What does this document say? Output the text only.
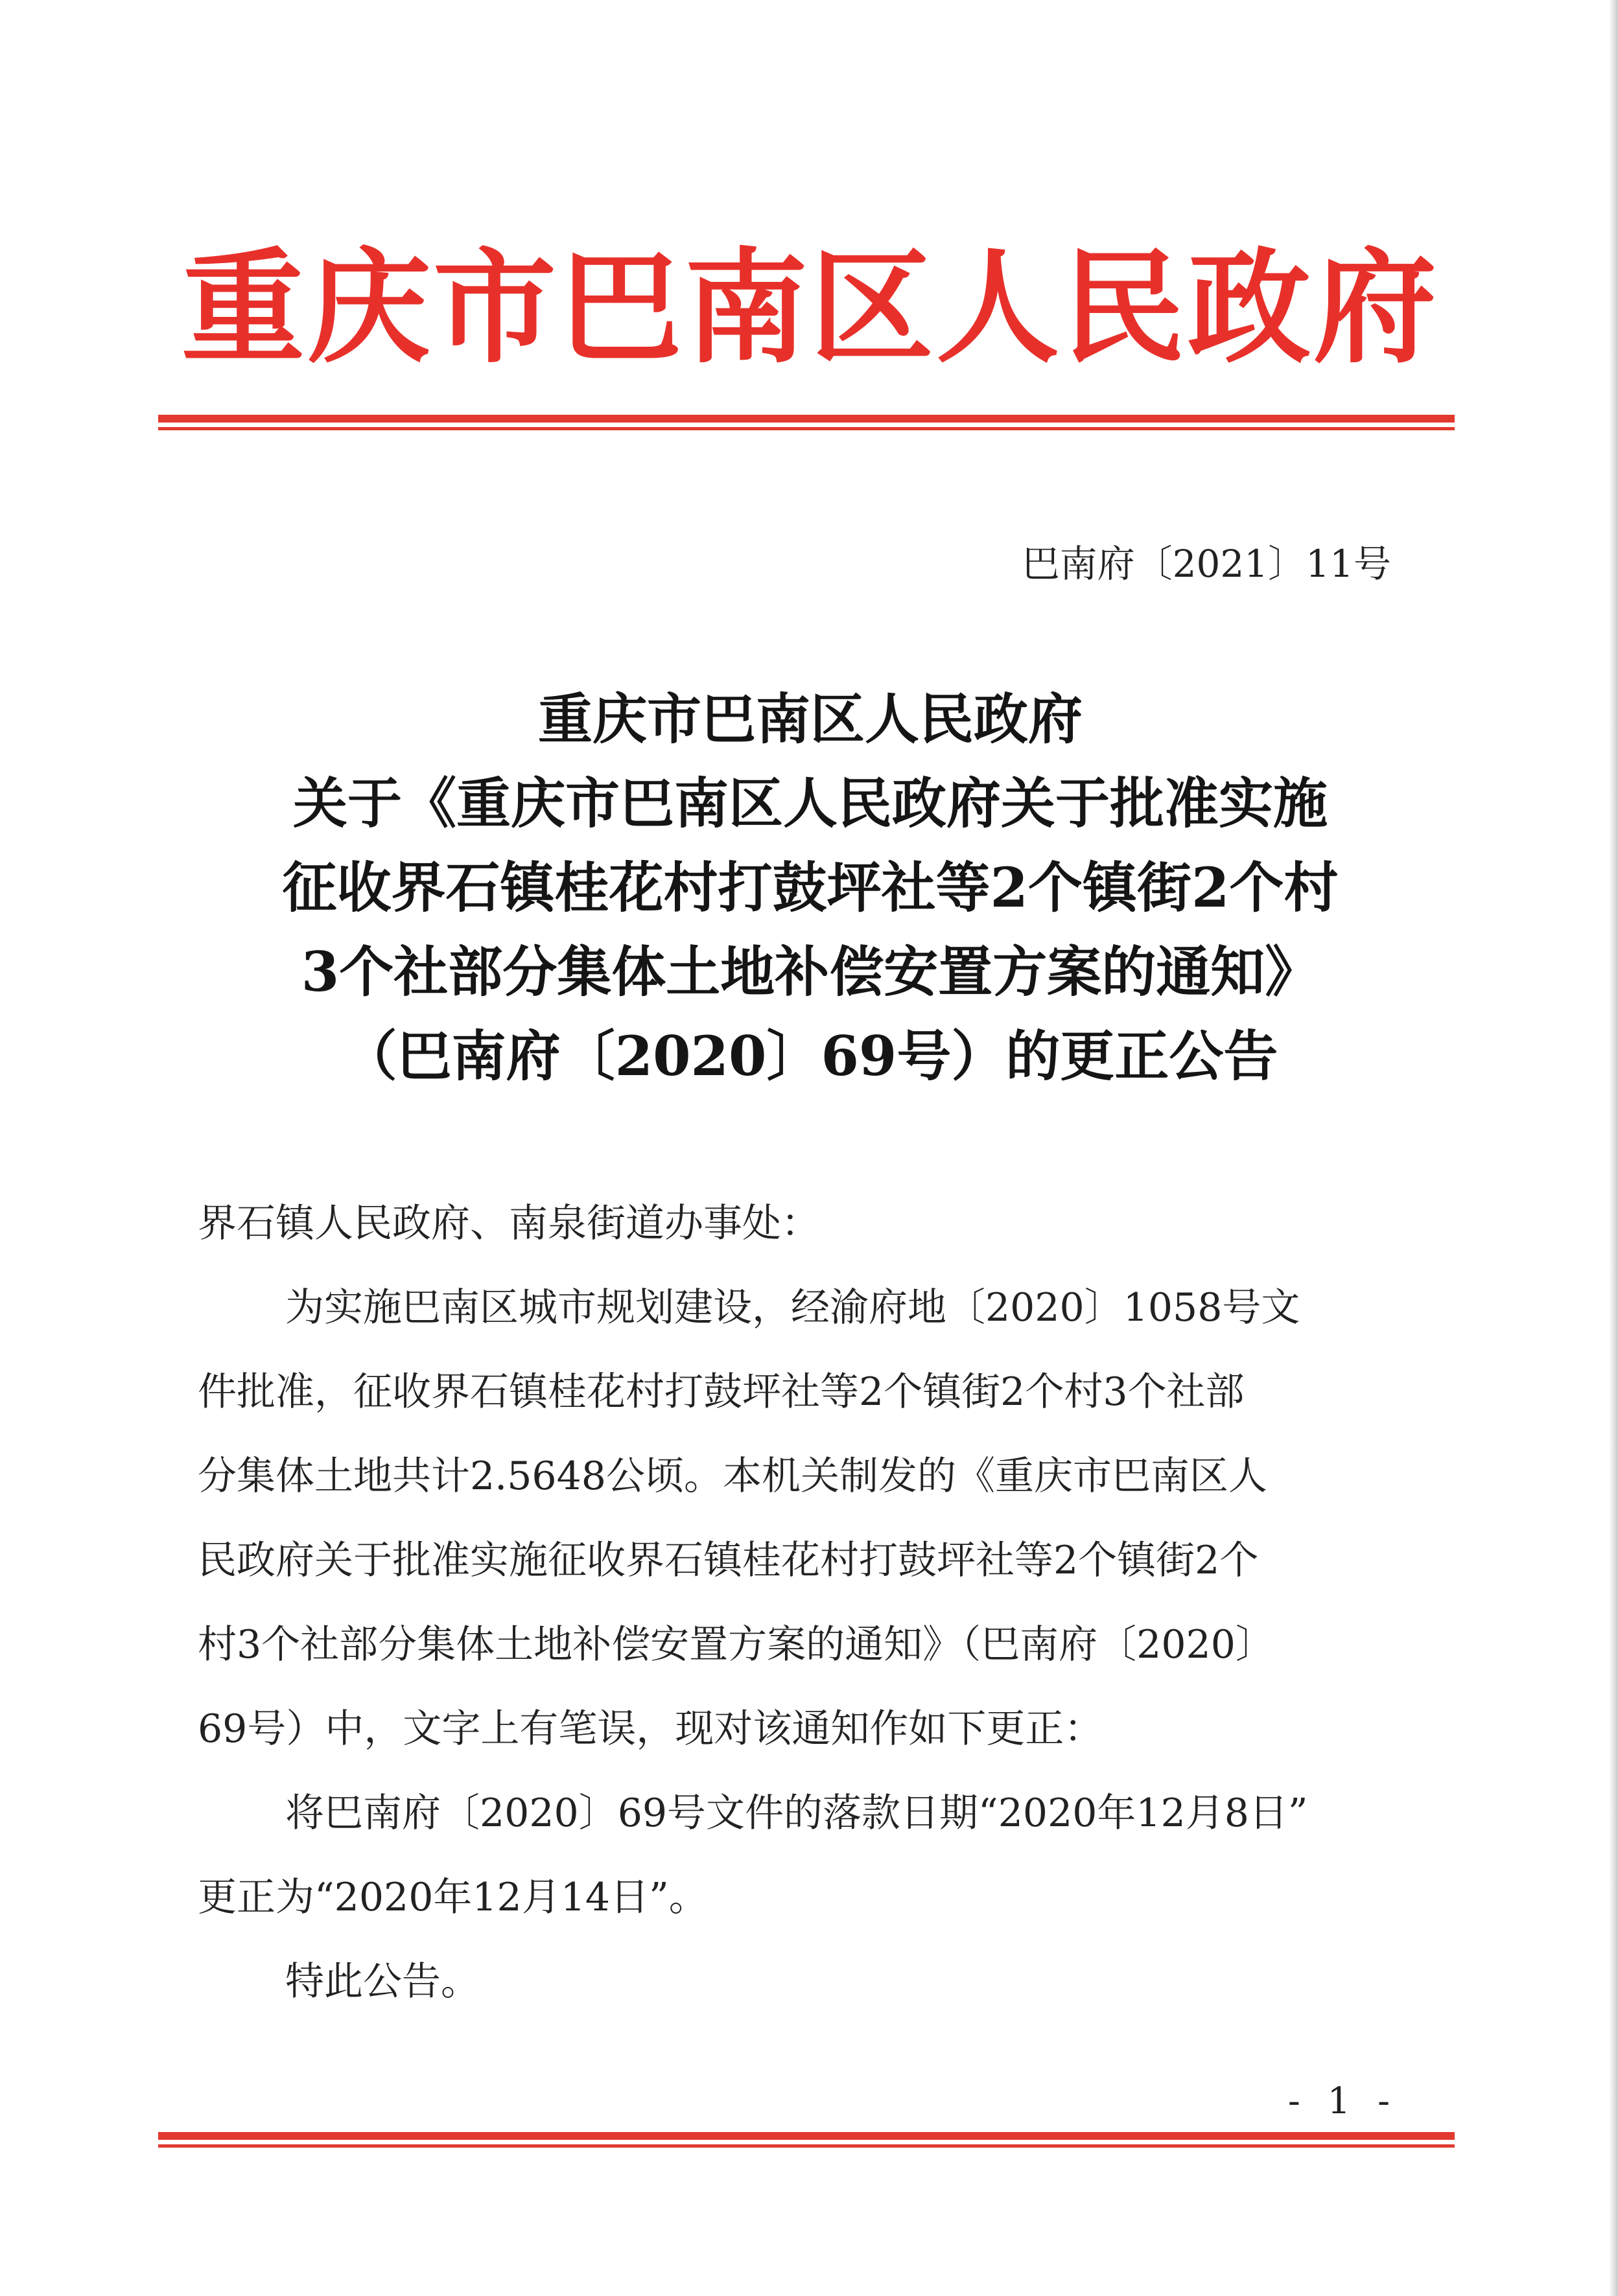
重庆市巴南区人民政府
巴南府〔2021〕11号
重庆市巴南区人民政府
关于《重庆市巴南区人民政府关于批准实施
征收界石镇桂花村打鼓坪社等2个镇街2个村
3个社部分集体土地补偿安置方案的通知》
（巴南府〔2020〕69号）的更正公告
界石镇人民政府、南泉街道办事处：
为实施巴南区城市规划建设，经渝府地〔2020〕1058号文
件批准，征收界石镇桂花村打鼓坪社等2个镇街2个村3个社部
分集体土地共计2.5648公顷。本机关制发的《重庆市巴南区人
民政府关于批准实施征收界石镇桂花村打鼓坪社等2个镇街2个
村3个社部分集体土地补偿安置方案的通知》（巴南府〔2020〕
69号）中，文字上有笔误，现对该通知作如下更正：
将巴南府〔2020〕69号文件的落款日期“2020年12月8日”
更正为“2020年12月14日”。
特此公告。
- 1 -
